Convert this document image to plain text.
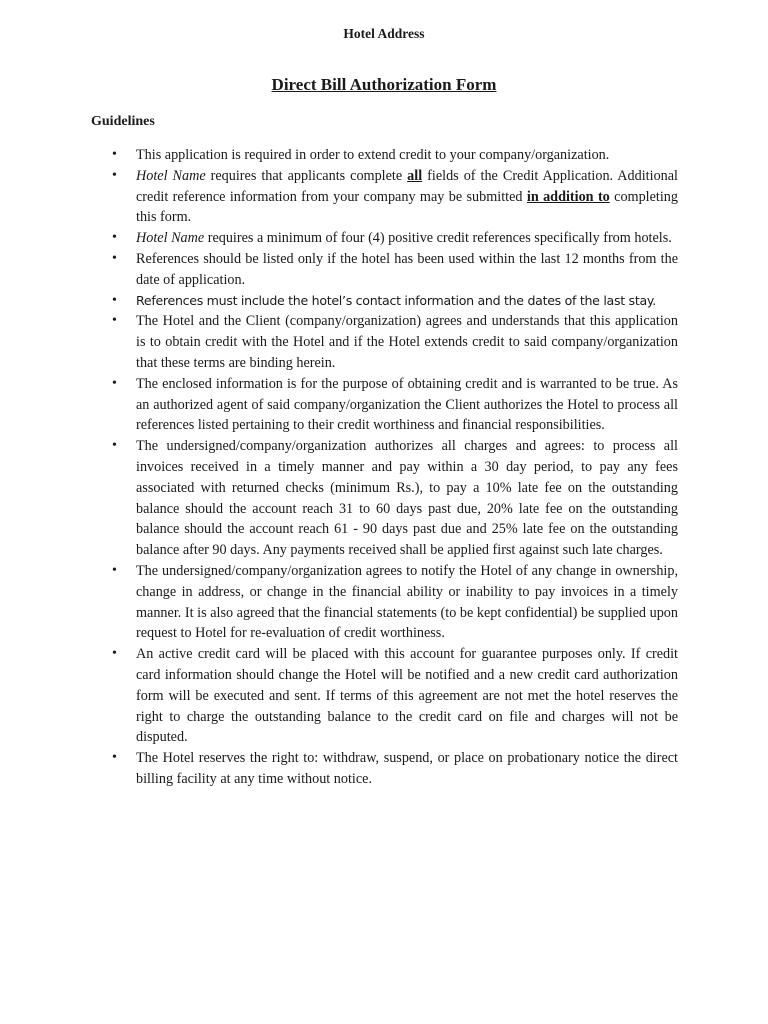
Hotel Address
Direct Bill Authorization Form
Guidelines
• This application is required in order to extend credit to your company/organization.
• Hotel Name requires that applicants complete all fields of the Credit Application. Additional credit reference information from your company may be submitted in addition to completing this form.
• Hotel Name requires a minimum of four (4) positive credit references specifically from hotels.
• References should be listed only if the hotel has been used within the last 12 months from the date of application.
• References must include the hotel’s contact information and the dates of the last stay.
• The Hotel and the Client (company/organization) agrees and understands that this application is to obtain credit with the Hotel and if the Hotel extends credit to said company/organization that these terms are binding herein.
• The enclosed information is for the purpose of obtaining credit and is warranted to be true. As an authorized agent of said company/organization the Client authorizes the Hotel to process all references listed pertaining to their credit worthiness and financial responsibilities.
• The undersigned/company/organization authorizes all charges and agrees: to process all invoices received in a timely manner and pay within a 30 day period, to pay any fees associated with returned checks (minimum Rs.), to pay a 10% late fee on the outstanding balance should the account reach 31 to 60 days past due, 20% late fee on the outstanding balance should the account reach 61 - 90 days past due and 25% late fee on the outstanding balance after 90 days. Any payments received shall be applied first against such late charges.
• The undersigned/company/organization agrees to notify the Hotel of any change in ownership, change in address, or change in the financial ability or inability to pay invoices in a timely manner. It is also agreed that the financial statements (to be kept confidential) be supplied upon request to Hotel for re-evaluation of credit worthiness.
• An active credit card will be placed with this account for guarantee purposes only. If credit card information should change the Hotel will be notified and a new credit card authorization form will be executed and sent. If terms of this agreement are not met the hotel reserves the right to charge the outstanding balance to the credit card on file and charges will not be disputed.
• The Hotel reserves the right to: withdraw, suspend, or place on probationary notice the direct billing facility at any time without notice.
